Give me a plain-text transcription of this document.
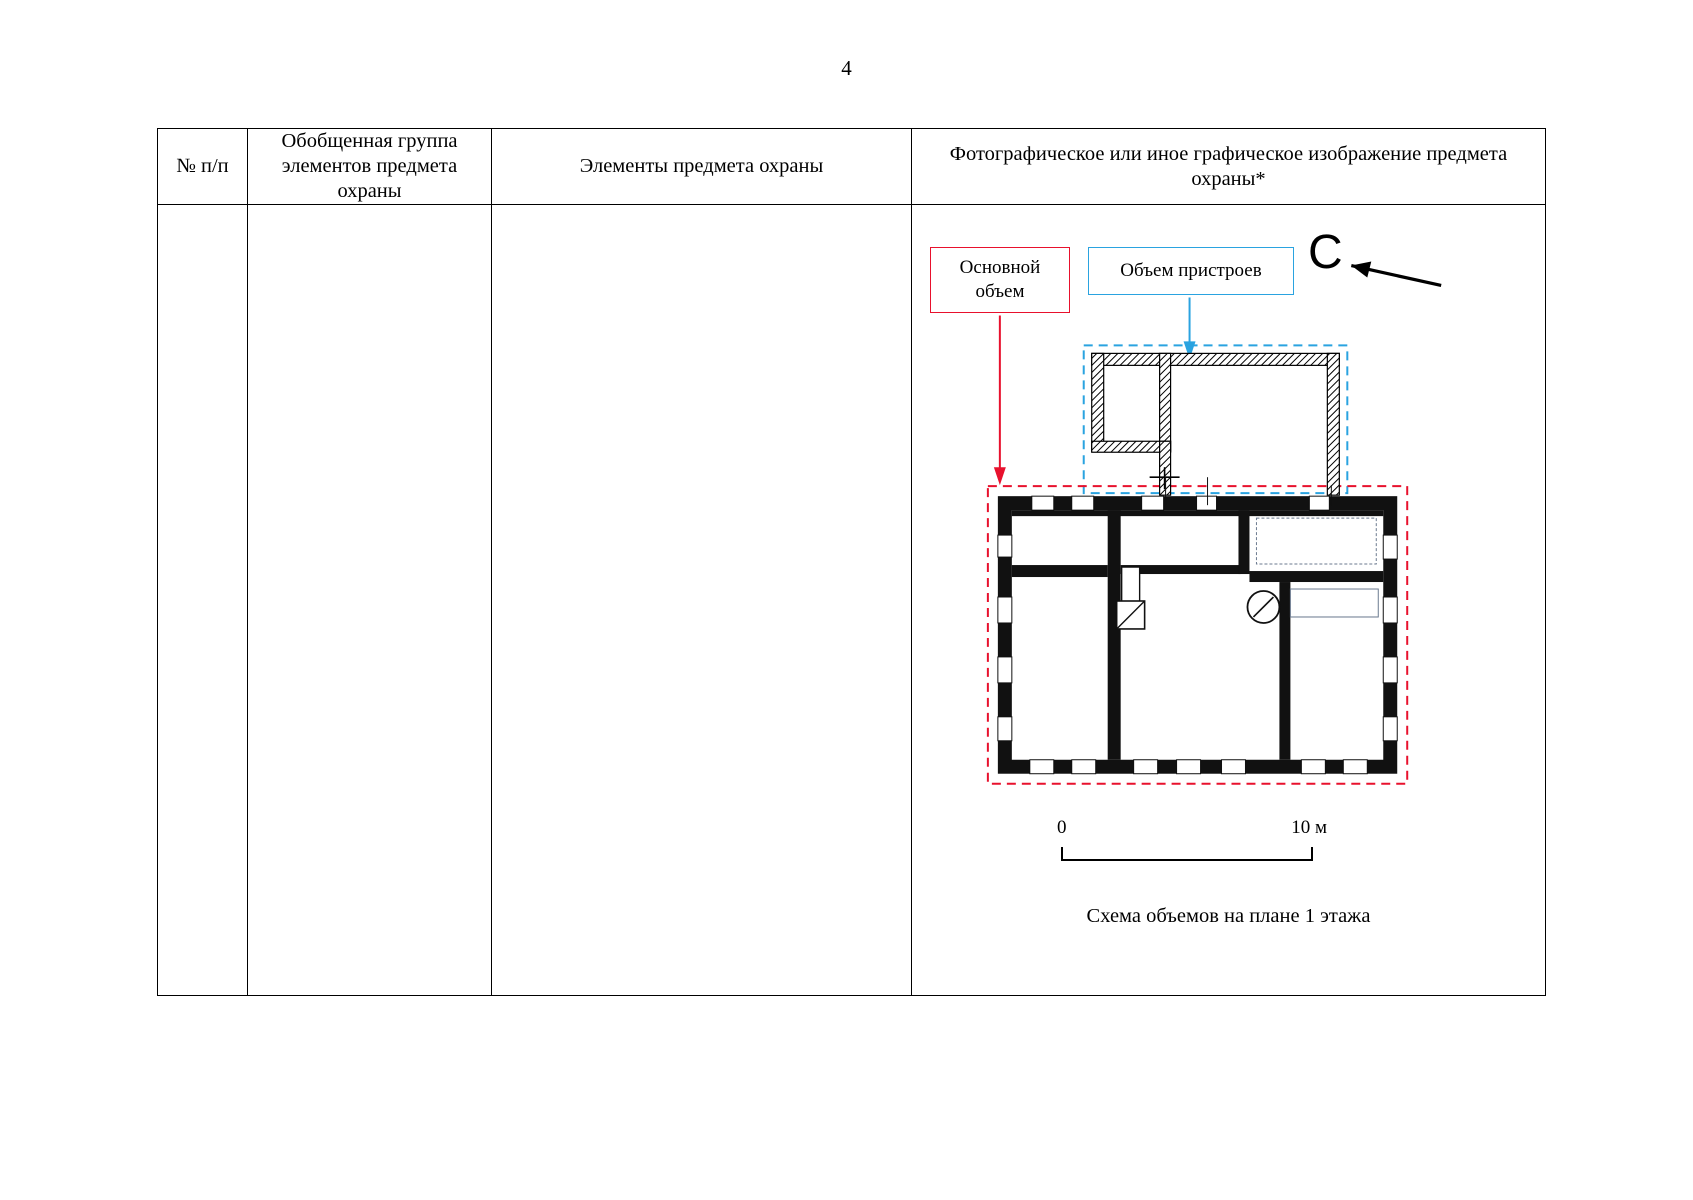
4
№ п/п	Обобщенная группа элементов предмета охраны	Элементы предмета охраны	Фотографическое или иное графическое изображение предмета охраны*

Основной объем
Объем пристроев С
0	10 м
Схема объемов на плане 1 этажа
